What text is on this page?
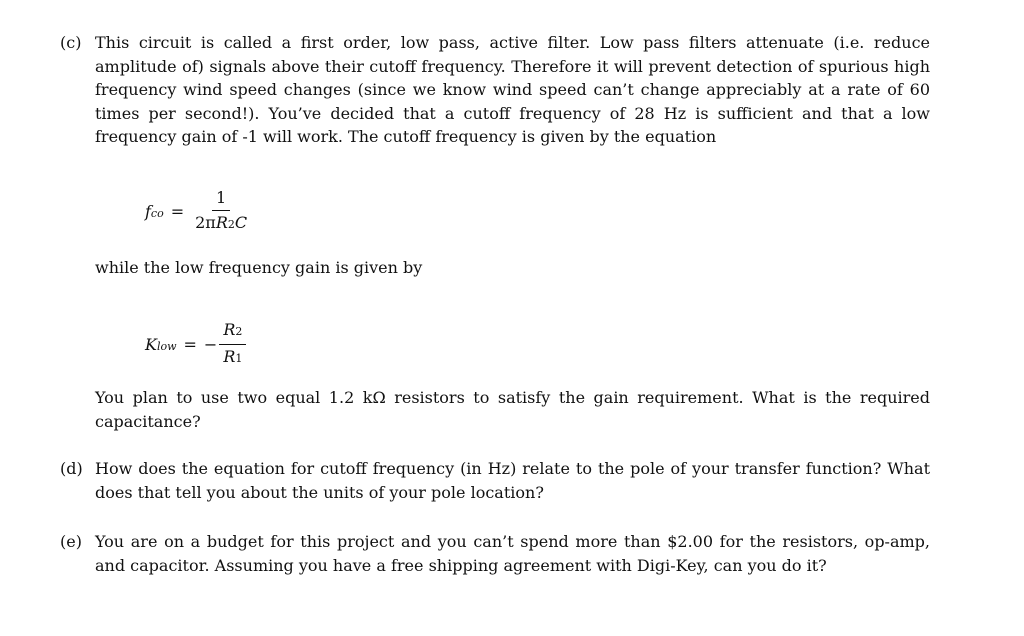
(c) This circuit is called a first order, low pass, active filter. Low pass filters attenuate (i.e. reduce amplitude of) signals above their cutoff frequency. Therefore it will prevent detection of spurious high frequency wind speed changes (since we know wind speed can’t change appreciably at a rate of 60 times per second!). You’ve decided that a cutoff frequency of 28 Hz is sufficient and that a low frequency gain of -1 will work. The cutoff frequency is given by the equation
f co = $\frac{1}{\text{2π R 2 C}}$
while the low frequency gain is given by
K low = − $\frac{R 2}{R 1}$
You plan to use two equal 1.2 kΩ resistors to satisfy the gain requirement. What is the required capacitance?
(d) How does the equation for cutoff frequency (in Hz) relate to the pole of your transfer function? What does that tell you about the units of your pole location?
(e) You are on a budget for this project and you can’t spend more than $2.00 for the resistors, op-amp, and capacitor. Assuming you have a free shipping agreement with Digi-Key, can you do it?
